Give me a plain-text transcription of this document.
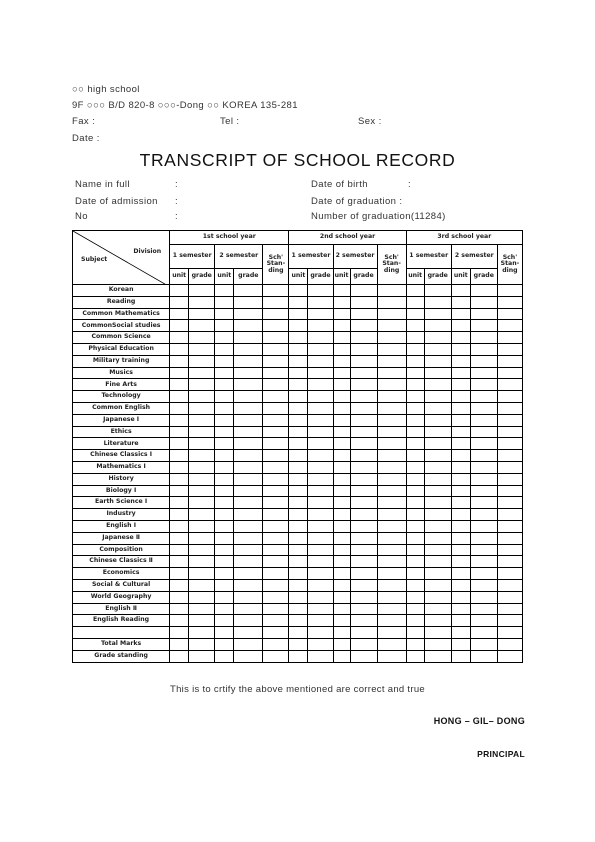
○○ high school
9F ○○○ B/D 820-8 ○○○-Dong ○○ KOREA 135-281
Fax :	Tel :	Sex :
Date :
TRANSCRIPT OF SCHOOL RECORD
Name in full	:	Date of birth	:
Date of admission :	Date of graduation :
No	:	Number of graduation(11284)
Division
Subject	1st school year					2nd school year					3rd school year				
	1 semester		2 semester		Sch' Stan-ding	1 semester		2 semester		Sch' Stan-ding	1 semester		2 semester		Sch' Stan-ding
	unit	grade	unit	grade		unit	grade	unit	grade		unit	grade	unit	grade	
Korean															
Reading															
Common Mathematics															
CommonSocial studies															
Common Science															
Physical Education															
Military training															
Musics															
Fine Arts															
Technology															
Common English															
Japanese Ⅰ															
Ethics															
Literature															
Chinese Classics Ⅰ															
Mathematics Ⅰ															
History															
Biology Ⅰ															
Earth Science Ⅰ															
Industry															
English Ⅰ															
Japanese Ⅱ															
Composition															
Chinese Classics Ⅱ															
Economics															
Social & Cultural															
World Geography															
English Ⅱ															
English Reading															

Total Marks															
Grade standing															
This is to crtify the above mentioned are correct and true
HONG – GIL– DONG
PRINCIPAL
